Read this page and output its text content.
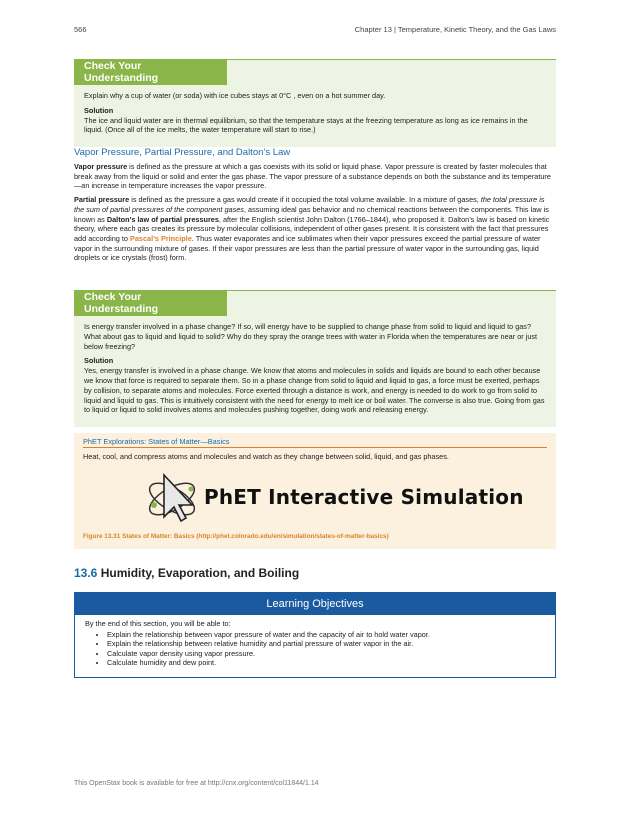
566	Chapter 13 | Temperature, Kinetic Theory, and the Gas Laws
Check Your Understanding

Explain why a cup of water (or soda) with ice cubes stays at 0°C , even on a hot summer day.

Solution

The ice and liquid water are in thermal equilibrium, so that the temperature stays at the freezing temperature as long as ice remains in the liquid. (Once all of the ice melts, the water temperature will start to rise.)

Vapor Pressure, Partial Pressure, and Dalton’s Law

Vapor pressure is defined as the pressure at which a gas coexists with its solid or liquid phase. Vapor pressure is created by faster molecules that break away from the liquid or solid and enter the gas phase. The vapor pressure of a substance depends on both the substance and its temperature—an increase in temperature increases the vapor pressure.

Partial pressure is defined as the pressure a gas would create if it occupied the total volume available. In a mixture of gases, the total pressure is the sum of partial pressures of the component gases, assuming ideal gas behavior and no chemical reactions between the components. This law is known as Dalton’s law of partial pressures, after the English scientist John Dalton (1766–1844), who proposed it. Dalton’s law is based on kinetic theory, where each gas creates its pressure by molecular collisions, independent of other gases present. It is consistent with the fact that pressures add according to Pascal’s Principle. Thus water evaporates and ice sublimates when their vapor pressures exceed the partial pressure of water vapor in the surrounding mixture of gases. If their vapor pressures are less than the partial pressure of water vapor in the surrounding gas, liquid droplets or ice crystals (frost) form.

Check Your Understanding

Is energy transfer involved in a phase change? If so, will energy have to be supplied to change phase from solid to liquid and liquid to gas? What about gas to liquid and liquid to solid? Why do they spray the orange trees with water in Florida when the temperatures are near or just below freezing?

Solution

Yes, energy transfer is involved in a phase change. We know that atoms and molecules in solids and liquids are bound to each other because we know that force is required to separate them. So in a phase change from solid to liquid and liquid to gas, a force must be exerted, perhaps by collision, to separate atoms and molecules. Force exerted through a distance is work, and energy is needed to do work to go from solid to liquid and liquid to gas. This is intuitively consistent with the need for energy to melt ice or boil water. The converse is also true. Going from gas to liquid or liquid to solid involves atoms and molecules pushing together, doing work and releasing energy.

PhET Explorations: States of Matter—Basics
Heat, cool, and compress atoms and molecules and watch as they change between solid, liquid, and gas phases.
PhET Interactive Simulation
Figure 13.31 States of Matter: Basics (http://phet.colorado.edu/en/simulation/states-of-matter-basics)
13.6 Humidity, Evaporation, and Boiling
Learning Objectives
By the end of this section, you will be able to:
• Explain the relationship between vapor pressure of water and the capacity of air to hold water vapor.
• Explain the relationship between relative humidity and partial pressure of water vapor in the air.
• Calculate vapor density using vapor pressure.
• Calculate humidity and dew point.
This OpenStax book is available for free at http://cnx.org/content/col11844/1.14
